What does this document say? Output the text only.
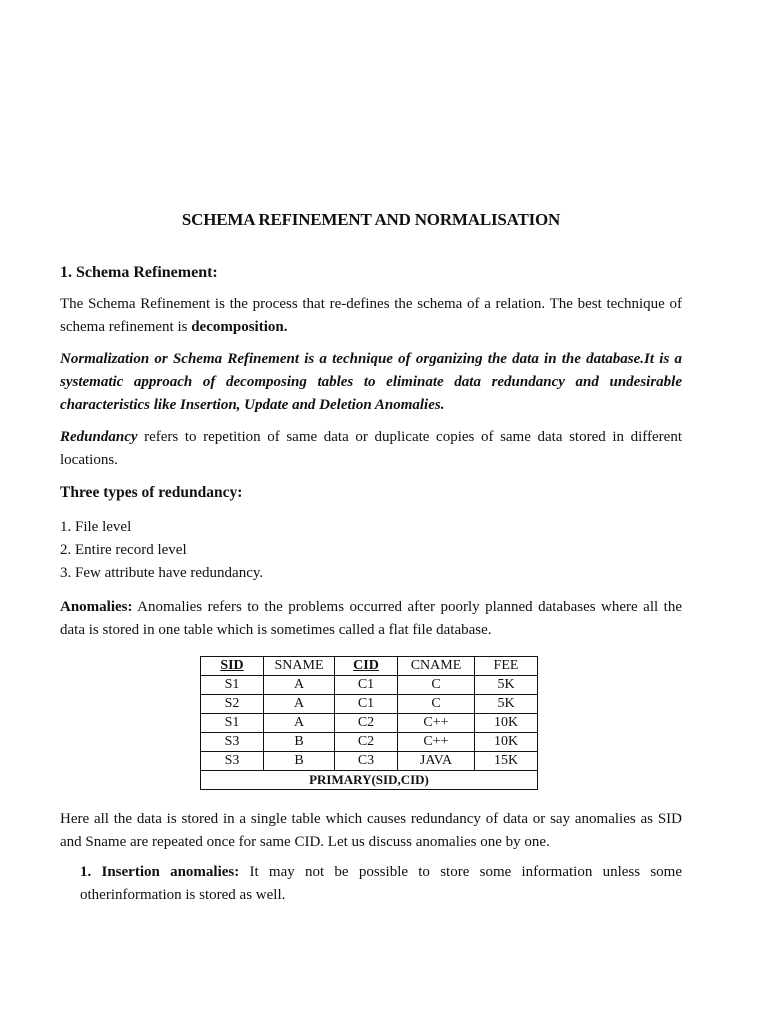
SCHEMA REFINEMENT AND NORMALISATION
1. Schema Refinement:

The Schema Refinement is the process that re-defines the schema of a relation. The best technique of schema refinement is decomposition.

Normalization or Schema Refinement is a technique of organizing the data in the database.It is a systematic approach of decomposing tables to eliminate data redundancy and undesirable characteristics like Insertion, Update and Deletion Anomalies.

Redundancy refers to repetition of same data or duplicate copies of same data stored in different locations.

Three types of redundancy:
1. File level
2. Entire record level
3. Few attribute have redundancy.

Anomalies: Anomalies refers to the problems occurred after poorly planned databases where all the data is stored in one table which is sometimes called a flat file database.

SID	SNAME	CID	CNAME	FEE
S1	A	C1	C	5K
S2	A	C1	C	5K
S1	A	C2	C++	10K
S3	B	C2	C++	10K
S3	B	C3	JAVA	15K
PRIMARY(SID,CID)				

Here all the data is stored in a single table which causes redundancy of data or say anomalies as SID and Sname are repeated once for same CID. Let us discuss anomalies one by one.

1. Insertion anomalies: It may not be possible to store some information unless some otherinformation is stored as well.
